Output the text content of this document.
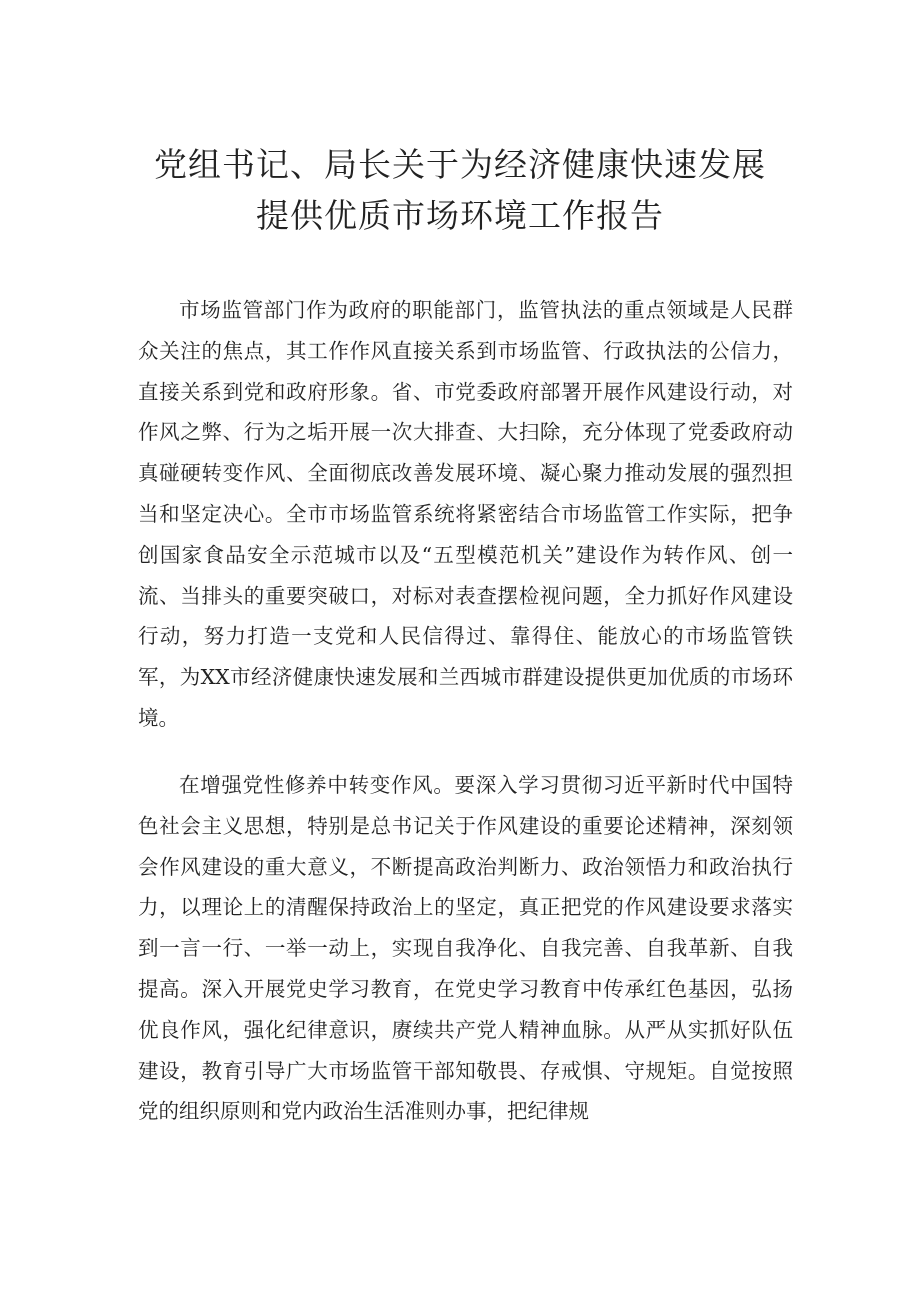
党组书记、局长关于为经济健康快速发展
提供优质市场环境工作报告

市场监管部门作为政府的职能部门，监管执法的重点领域是人民群众关注的焦点，其工作作风直接关系到市场监管、行政执法的公信力，直接关系到党和政府形象。省、市党委政府部署开展作风建设行动，对作风之弊、行为之垢开展一次大排查、大扫除，充分体现了党委政府动真碰硬转变作风、全面彻底改善发展环境、凝心聚力推动发展的强烈担当和坚定决心。全市市场监管系统将紧密结合市场监管工作实际，把争创国家食品安全示范城市以及“五型模范机关”建设作为转作风、创一流、当排头的重要突破口，对标对表查摆检视问题，全力抓好作风建设行动，努力打造一支党和人民信得过、靠得住、能放心的市场监管铁军，为XX市经济健康快速发展和兰西城市群建设提供更加优质的市场环境。

在增强党性修养中转变作风。要深入学习贯彻习近平新时代中国特色社会主义思想，特别是总书记关于作风建设的重要论述精神，深刻领会作风建设的重大意义，不断提高政治判断力、政治领悟力和政治执行力，以理论上的清醒保持政治上的坚定，真正把党的作风建设要求落实到一言一行、一举一动上，实现自我净化、自我完善、自我革新、自我提高。深入开展党史学习教育，在党史学习教育中传承红色基因，弘扬优良作风，强化纪律意识，赓续共产党人精神血脉。从严从实抓好队伍建设，教育引导广大市场监管干部知敬畏、存戒惧、守规矩。自觉按照党的组织原则和党内政治生活准则办事，把纪律规
